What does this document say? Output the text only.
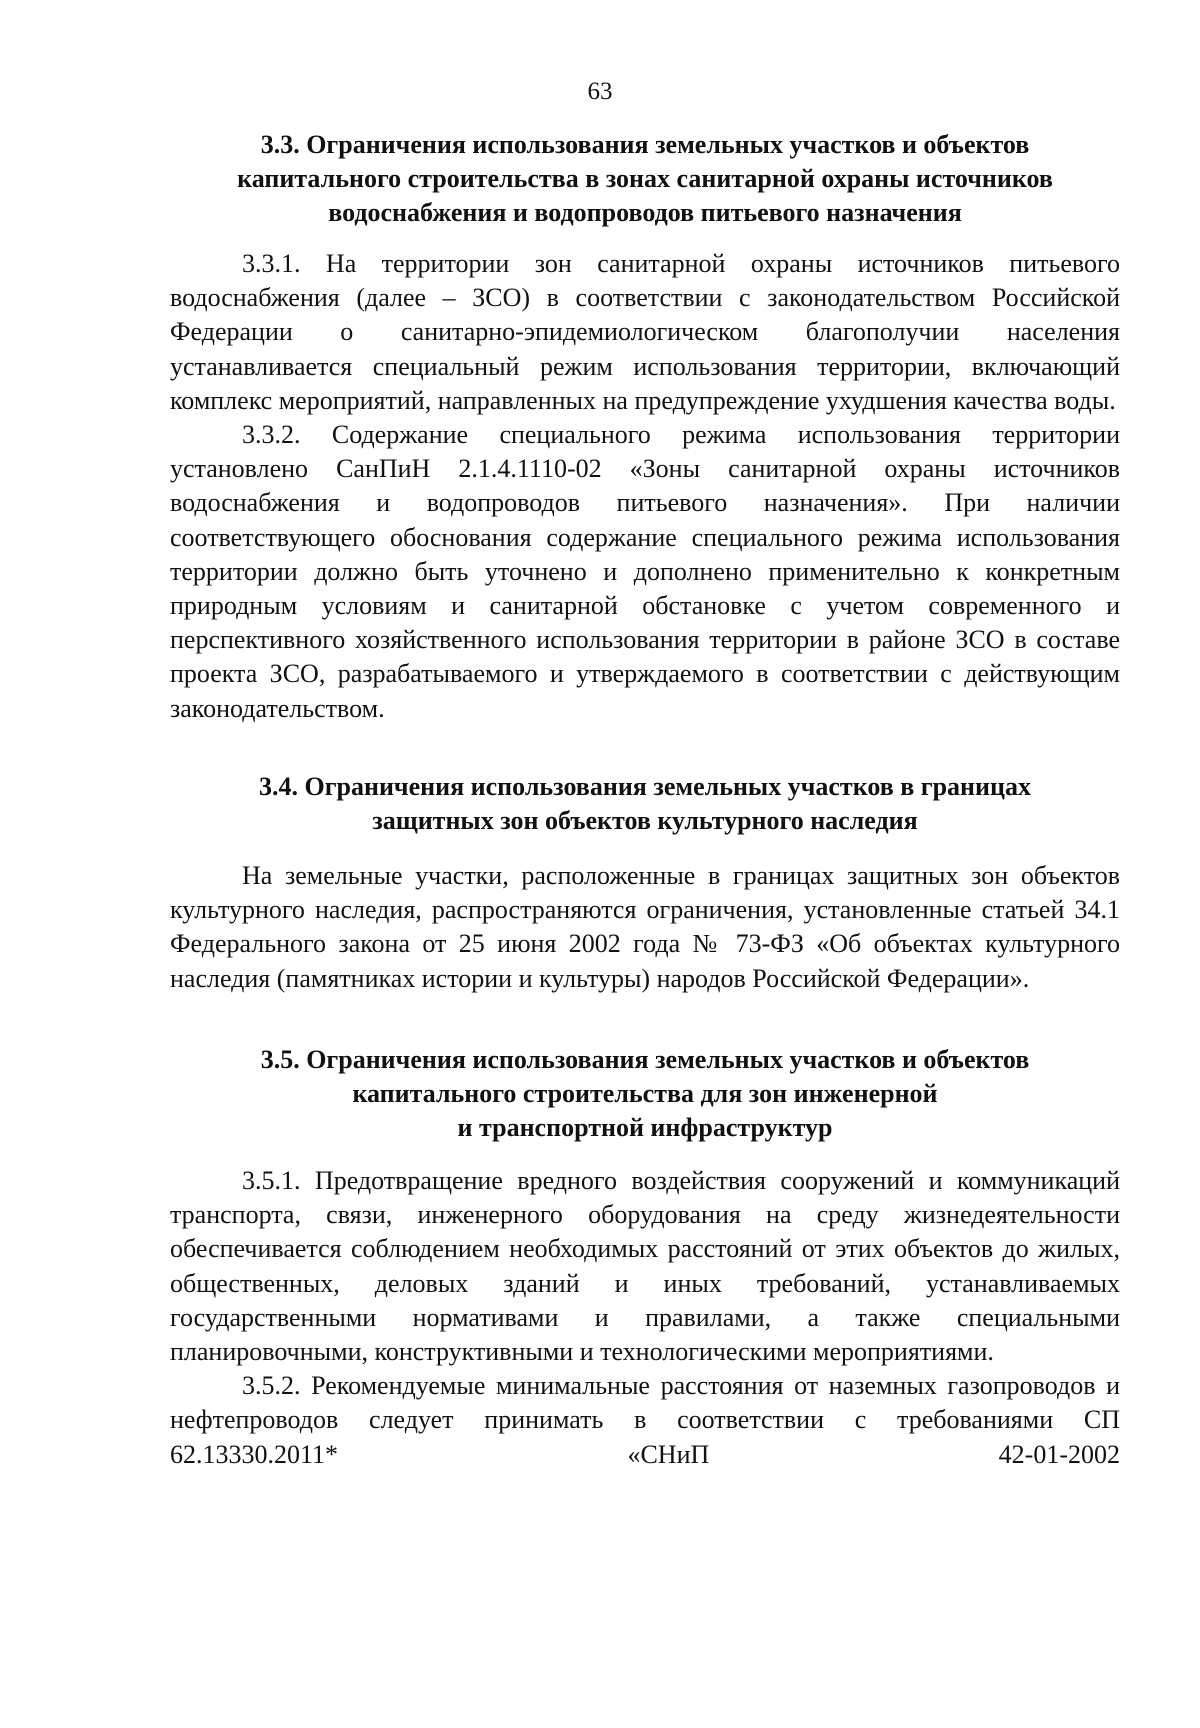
63
3.3. Ограничения использования земельных участков и объектов
капитального строительства в зонах санитарной охраны источников
водоснабжения и водопроводов питьевого назначения

3.3.1. На территории зон санитарной охраны источников питьевого водоснабжения (далее – ЗСО) в соответствии с законодательством Российской Федерации о санитарно-эпидемиологическом благополучии населения устанавливается специальный режим использования территории, включающий комплекс мероприятий, направленных на предупреждение ухудшения качества воды.

3.3.2. Содержание специального режима использования территории установлено СанПиН 2.1.4.1110-02 «Зоны санитарной охраны источников водоснабжения и водопроводов питьевого назначения». При наличии соответствующего обоснования содержание специального режима использования территории должно быть уточнено и дополнено применительно к конкретным природным условиям и санитарной обстановке с учетом современного и перспективного хозяйственного использования территории в районе ЗСО в составе проекта ЗСО, разрабатываемого и утверждаемого в соответствии с действующим законодательством.

3.4. Ограничения использования земельных участков в границах
защитных зон объектов культурного наследия

На земельные участки, расположенные в границах защитных зон объектов культурного наследия, распространяются ограничения, установленные статьей 34.1 Федерального закона от 25 июня 2002 года № 73-ФЗ «Об объектах культурного наследия (памятниках истории и культуры) народов Российской Федерации».

3.5. Ограничения использования земельных участков и объектов
капитального строительства для зон инженерной
и транспортной инфраструктур

3.5.1. Предотвращение вредного воздействия сооружений и коммуникаций транспорта, связи, инженерного оборудования на среду жизнедеятельности обеспечивается соблюдением необходимых расстояний от этих объектов до жилых, общественных, деловых зданий и иных требований, устанавливаемых государственными нормативами и правилами, а также специальными планировочными, конструктивными и технологическими мероприятиями.

3.5.2. Рекомендуемые минимальные расстояния от наземных газопроводов и нефтепроводов следует принимать в соответствии с требованиями СП 62.13330.2011* «СНиП 42-01-2002
